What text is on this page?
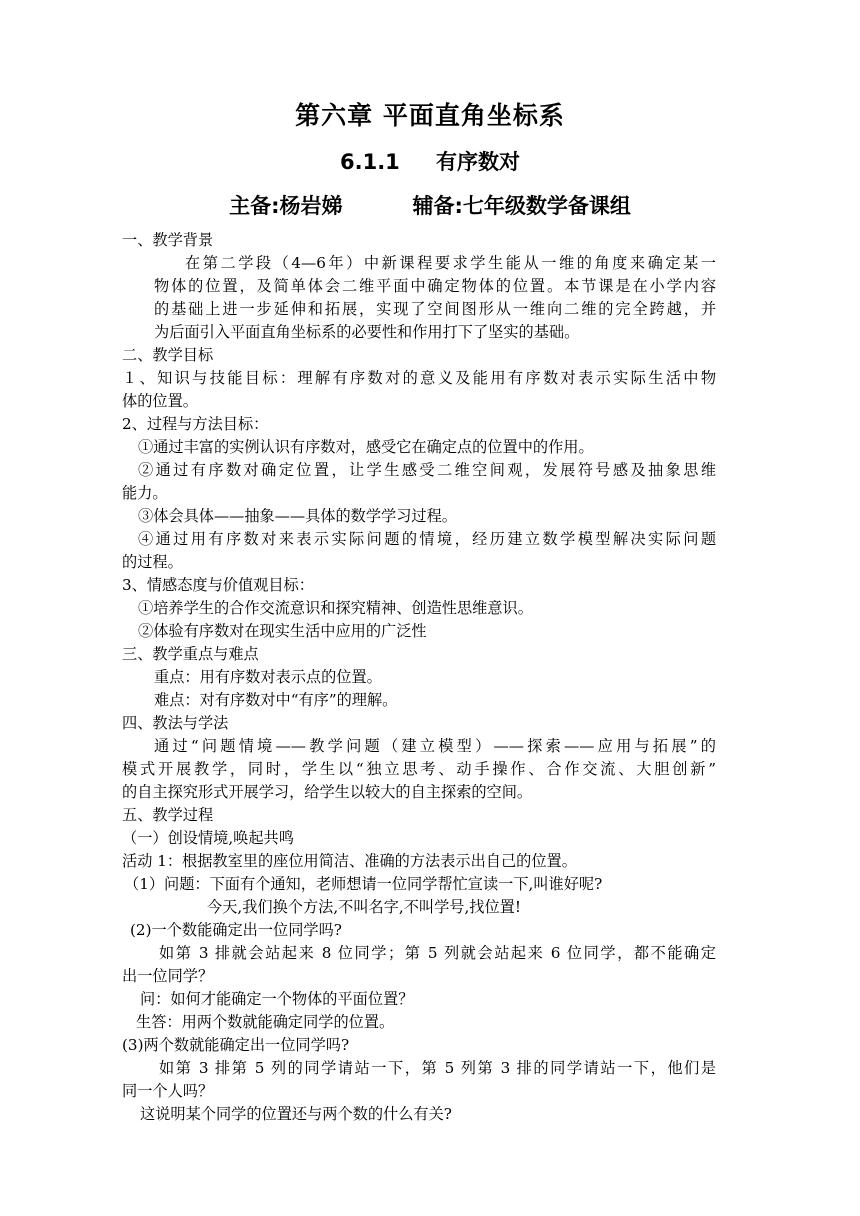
第六章 平面直角坐标系
6.1.1 有序数对
主备:杨岩娣	辅备:七年级数学备课组
一、教学背景
在第二学段（4—6年）中新课程要求学生能从一维的角度来确定某一
物体的位置，及简单体会二维平面中确定物体的位置。本节课是在小学内容
的基础上进一步延伸和拓展，实现了空间图形从一维向二维的完全跨越，并
为后面引入平面直角坐标系的必要性和作用打下了坚实的基础。
二、教学目标
１、知识与技能目标：理解有序数对的意义及能用有序数对表示实际生活中物
体的位置。
2、过程与方法目标：
①通过丰富的实例认识有序数对，感受它在确定点的位置中的作用。
②通过有序数对确定位置，让学生感受二维空间观，发展符号感及抽象思维
能力。
③体会具体——抽象——具体的数学学习过程。
④通过用有序数对来表示实际问题的情境，经历建立数学模型解决实际问题
的过程。
3、情感态度与价值观目标：
①培养学生的合作交流意识和探究精神、创造性思维意识。
②体验有序数对在现实生活中应用的广泛性
三、教学重点与难点
重点：用有序数对表示点的位置。
难点：对有序数对中“有序”的理解。
四、教法与学法
通过“问题情境——教学问题（建立模型）——探索——应用与拓展”的
模式开展教学，同时，学生以“独立思考、动手操作、合作交流、大胆创新”
的自主探究形式开展学习，给学生以较大的自主探索的空间。
五、教学过程
（一）创设情境,唤起共鸣
活动 1：根据教室里的座位用简洁、准确的方法表示出自己的位置。
（1）问题：下面有个通知，老师想请一位同学帮忙宣读一下,叫谁好呢?
今天,我们换个方法,不叫名字,不叫学号,找位置!
(2)一个数能确定出一位同学吗?
如第 3 排就会站起来 8 位同学；第 5 列就会站起来 6 位同学，都不能确定
出一位同学？
问：如何才能确定一个物体的平面位置？
生答：用两个数就能确定同学的位置。
(3)两个数就能确定出一位同学吗?
如第 3 排第 5 列的同学请站一下，第 5 列第 3 排的同学请站一下，他们是
同一个人吗？
这说明某个同学的位置还与两个数的什么有关?
